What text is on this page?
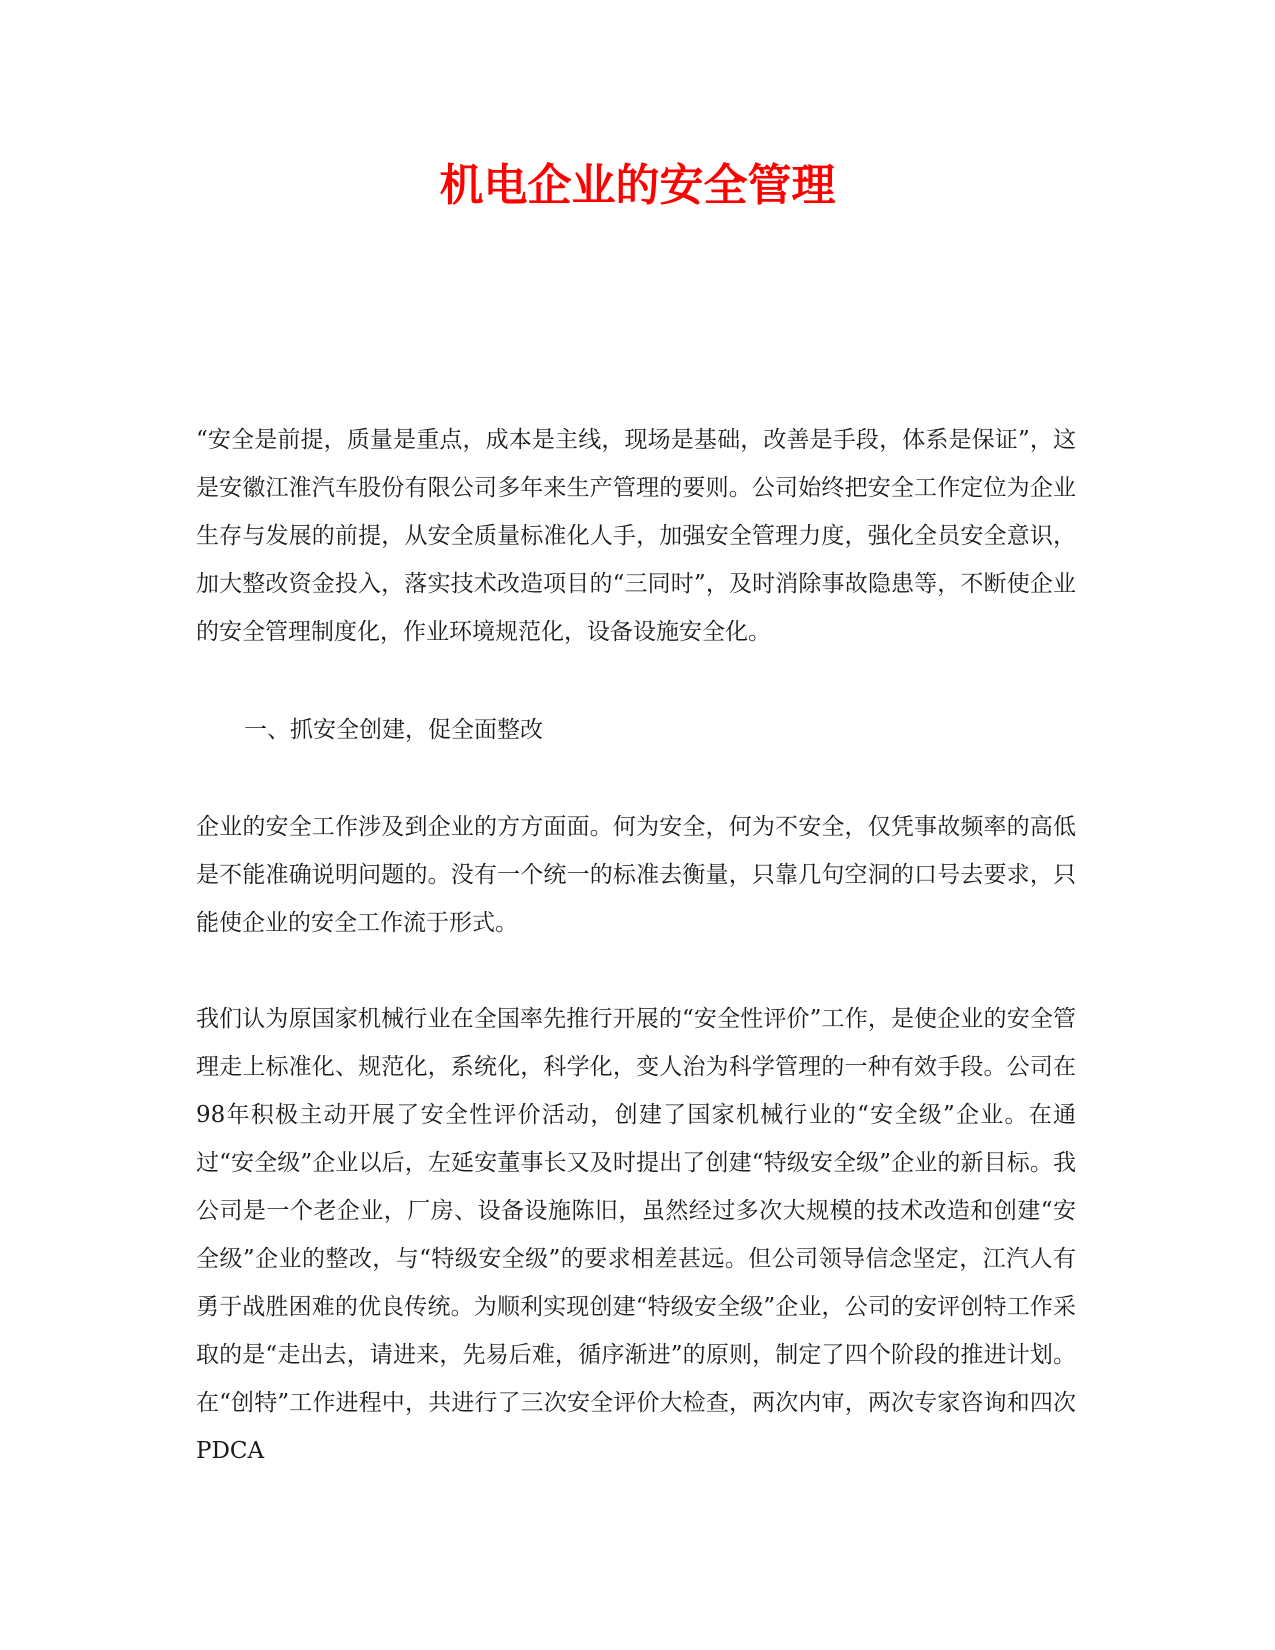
机电企业的安全管理

“安全是前提，质量是重点，成本是主线，现场是基础，改善是手段，体系是保证”，这是安徽江淮汽车股份有限公司多年来生产管理的要则。公司始终把安全工作定位为企业生存与发展的前提，从安全质量标准化人手，加强安全管理力度，强化全员安全意识，加大整改资金投入，落实技术改造项目的“三同时”，及时消除事故隐患等，不断使企业的安全管理制度化，作业环境规范化，设备设施安全化。

一、抓安全创建，促全面整改

企业的安全工作涉及到企业的方方面面。何为安全，何为不安全，仅凭事故频率的高低是不能准确说明问题的。没有一个统一的标准去衡量，只靠几句空洞的口号去要求，只能使企业的安全工作流于形式。

我们认为原国家机械行业在全国率先推行开展的“安全性评价”工作，是使企业的安全管理走上标准化、规范化，系统化，科学化，变人治为科学管理的一种有效手段。公司在98年积极主动开展了安全性评价活动，创建了国家机械行业的“安全级”企业。在通过“安全级”企业以后，左延安董事长又及时提出了创建“特级安全级”企业的新目标。我公司是一个老企业，厂房、设备设施陈旧，虽然经过多次大规模的技术改造和创建“安全级”企业的整改，与“特级安全级”的要求相差甚远。但公司领导信念坚定，江汽人有勇于战胜困难的优良传统。为顺利实现创建“特级安全级”企业，公司的安评创特工作采取的是“走出去，请进来，先易后难，循序渐进”的原则，制定了四个阶段的推进计划。在“创特”工作进程中，共进行了三次安全评价大检查，两次内审，两次专家咨询和四次PDCA
